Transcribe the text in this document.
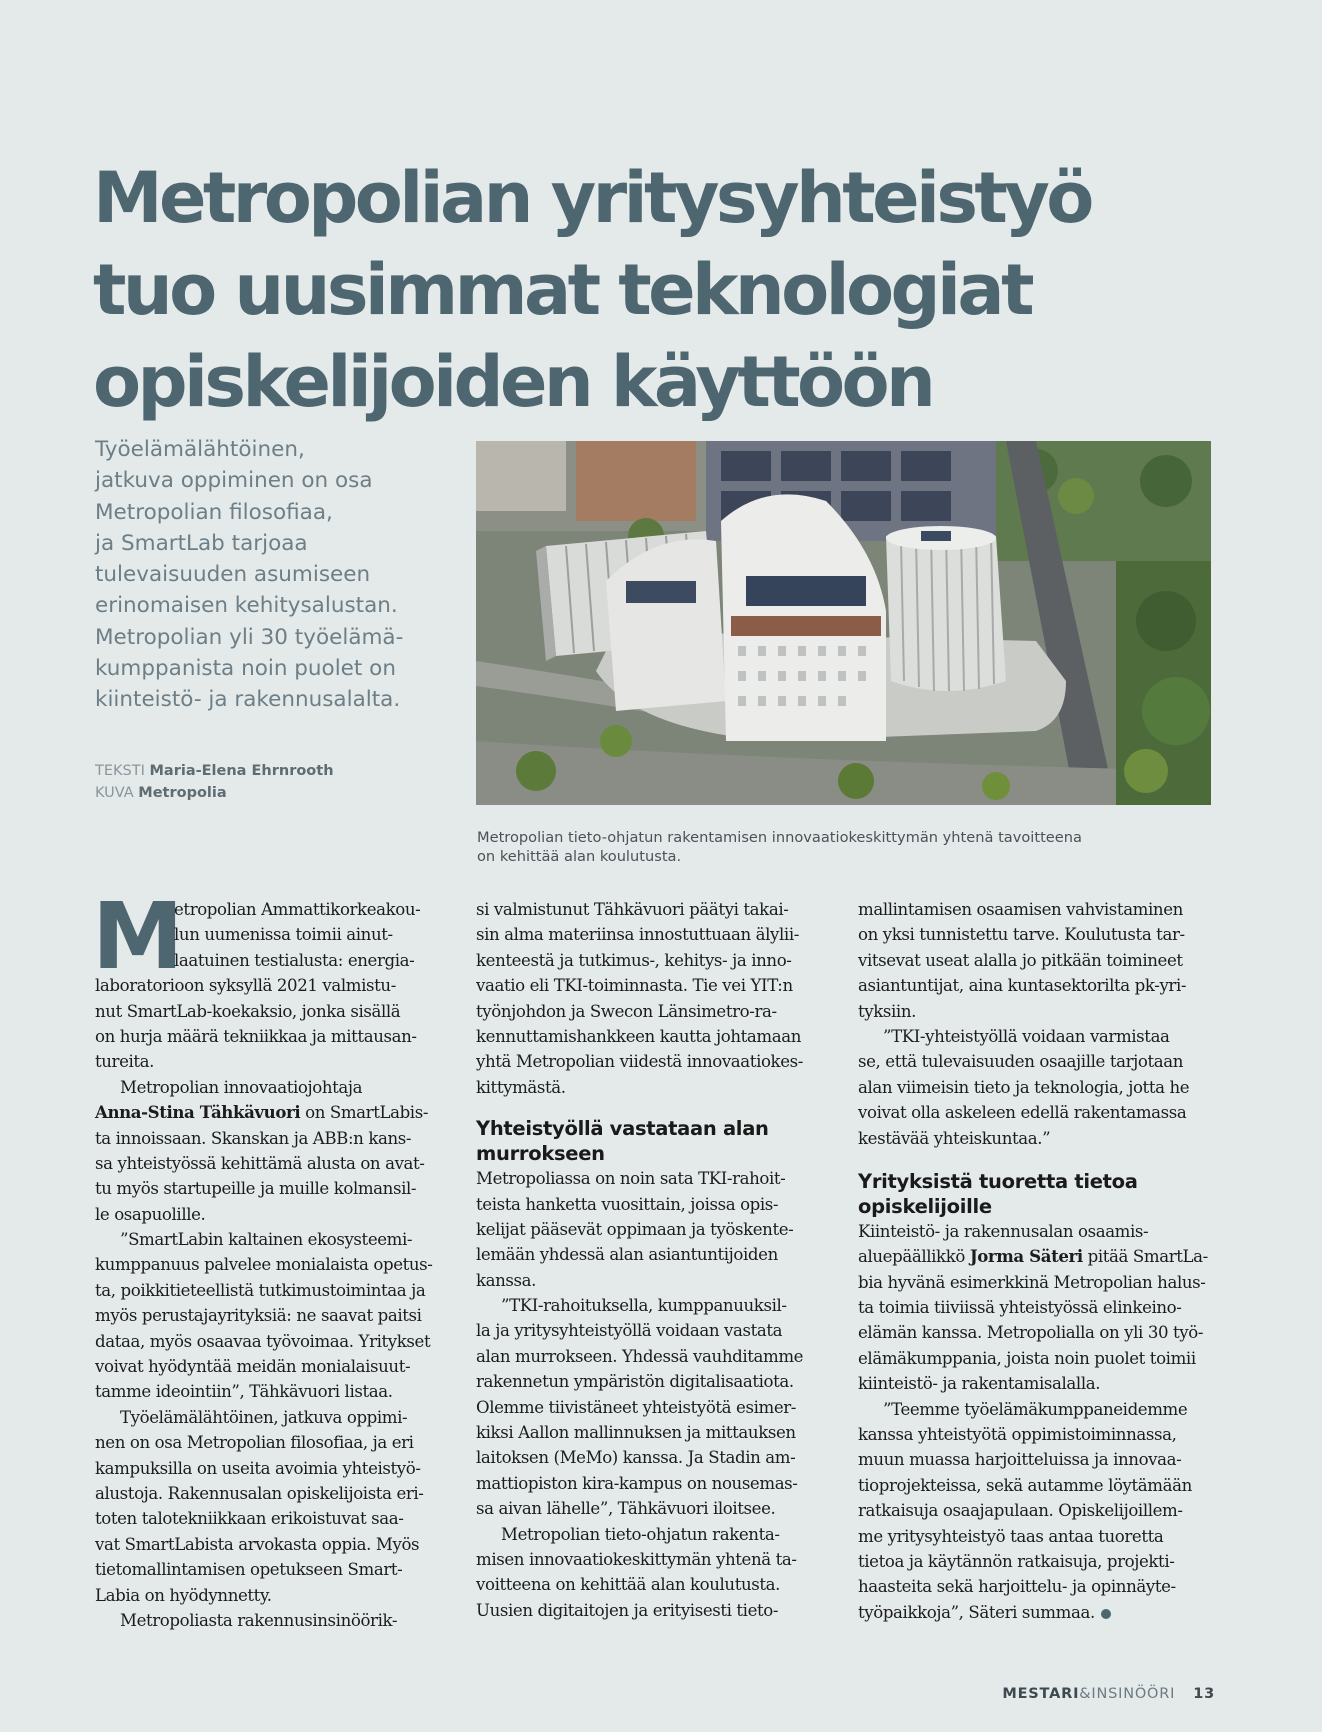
Metropolian yritysyhteistyö
tuo uusimmat teknologiat
opiskelijoiden käyttöön

Työelämälähtöinen,
jatkuva oppiminen on osa
Metropolian filosofiaa,
ja SmartLab tarjoaa
tulevaisuuden asumiseen
erinomaisen kehitysalustan.
Metropolian yli 30 työelämä-
kumppanista noin puolet on
kiinteistö- ja rakennusalalta.

TEKSTI Maria-Elena Ehrnrooth
KUVA Metropolia
Metropolian tieto-ohjatun rakentamisen innovaatiokeskittymän yhtenä tavoitteena
on kehittää alan koulutusta.
M
etropolian Ammattikorkeakou-
lun uumenissa toimii ainut-
laatuinen testialusta: energia-
laboratorioon syksyllä 2021 valmistu-
nut SmartLab-koekaksio, jonka sisällä
on hurja määrä tekniikkaa ja mittausan-
tureita.
Metropolian innovaatiojohtaja
Anna-Stina Tähkävuori on SmartLabis-
ta innoissaan. Skanskan ja ABB:n kans-
sa yhteistyössä kehittämä alusta on avat-
tu myös startupeille ja muille kolmansil-
le osapuolille.
”SmartLabin kaltainen ekosysteemi-
kumppanuus palvelee monialaista opetus-
ta, poikkitieteellistä tutkimustoimintaa ja
myös perustajayrityksiä: ne saavat paitsi
dataa, myös osaavaa työvoimaa. Yritykset
voivat hyödyntää meidän monialaisuut-
tamme ideointiin”, Tähkävuori listaa.
Työelämälähtöinen, jatkuva oppimi-
nen on osa Metropolian filosofiaa, ja eri
kampuksilla on useita avoimia yhteistyö-
alustoja. Rakennusalan opiskelijoista eri-
toten talotekniikkaan erikoistuvat saa-
vat SmartLabista arvokasta oppia. Myös
tietomallintamisen opetukseen Smart-
Labia on hyödynnetty.
Metropoliasta rakennusinsinöörik-
si valmistunut Tähkävuori päätyi takai-
sin alma materiinsa innostuttuaan älylii-
kenteestä ja tutkimus-, kehitys- ja inno-
vaatio eli TKI-toiminnasta. Tie vei YIT:n
työnjohdon ja Swecon Länsimetro-ra-
kennuttamishankkeen kautta johtamaan
yhtä Metropolian viidestä innovaatiokes-
kittymästä.
Yhteistyöllä vastataan alan
murrokseen
Metropoliassa on noin sata TKI-rahoit-
teista hanketta vuosittain, joissa opis-
kelijat pääsevät oppimaan ja työskente-
lemään yhdessä alan asiantuntijoiden
kanssa.
”TKI-rahoituksella, kumppanuuksil-
la ja yritysyhteistyöllä voidaan vastata
alan murrokseen. Yhdessä vauhditamme
rakennetun ympäristön digitalisaatiota.
Olemme tiivistäneet yhteistyötä esimer-
kiksi Aallon mallinnuksen ja mittauksen
laitoksen (MeMo) kanssa. Ja Stadin am-
mattiopiston kira-kampus on nousemas-
sa aivan lähelle”, Tähkävuori iloitsee.
Metropolian tieto-ohjatun rakenta-
misen innovaatiokeskittymän yhtenä ta-
voitteena on kehittää alan koulutusta.
Uusien digitaitojen ja erityisesti tieto-
mallintamisen osaamisen vahvistaminen
on yksi tunnistettu tarve. Koulutusta tar-
vitsevat useat alalla jo pitkään toimineet
asiantuntijat, aina kuntasektorilta pk-yri-
tyksiin.
”TKI-yhteistyöllä voidaan varmistaa
se, että tulevaisuuden osaajille tarjotaan
alan viimeisin tieto ja teknologia, jotta he
voivat olla askeleen edellä rakentamassa
kestävää yhteiskuntaa.”
Yrityksistä tuoretta tietoa
opiskelijoille
Kiinteistö- ja rakennusalan osaamis-
aluepäällikkö Jorma Säteri pitää SmartLa-
bia hyvänä esimerkkinä Metropolian halus-
ta toimia tiiviissä yhteistyössä elinkeino-
elämän kanssa. Metropolialla on yli 30 työ-
elämäkumppania, joista noin puolet toimii
kiinteistö- ja rakentamisalalla.
”Teemme työelämäkumppaneidemme
kanssa yhteistyötä oppimistoiminnassa,
muun muassa harjoitteluissa ja innovaa-
tioprojekteissa, sekä autamme löytämään
ratkaisuja osaajapulaan. Opiskelijoillem-
me yritysyhteistyö taas antaa tuoretta
tietoa ja käytännön ratkaisuja, projekti-
haasteita sekä harjoittelu- ja opinnäyte-
työpaikkoja”, Säteri summaa.
MESTARI&INSINÖÖRI 13
